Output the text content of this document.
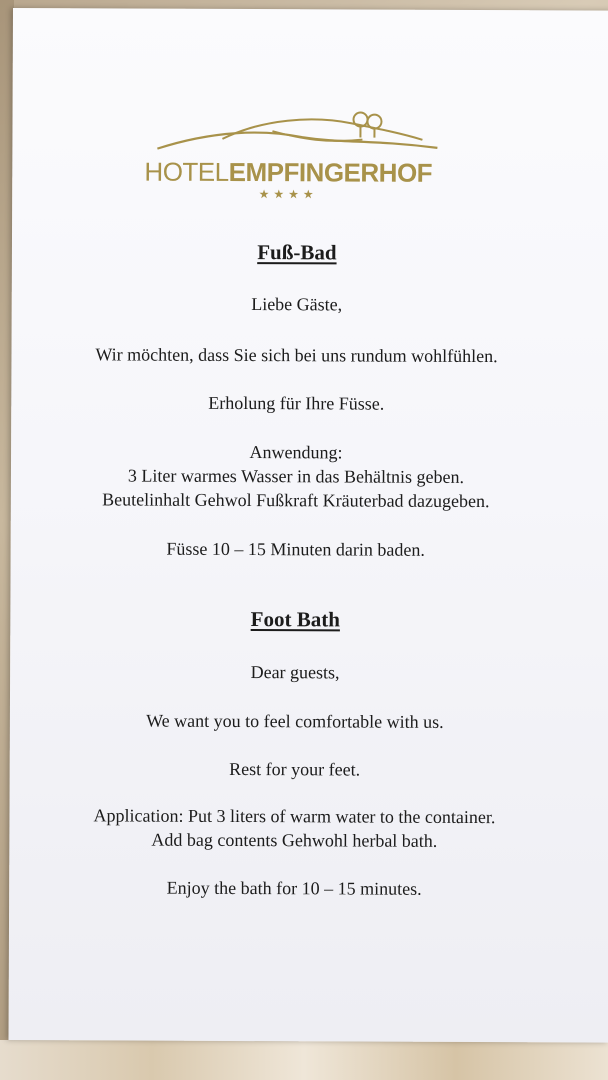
HOTELEMPFINGERHOF
★★★★
Fuß-Bad
Liebe Gäste,
Wir möchten, dass Sie sich bei uns rundum wohlfühlen.
Erholung für Ihre Füsse.
Anwendung:
3 Liter warmes Wasser in das Behältnis geben.
Beutelinhalt Gehwol Fußkraft Kräuterbad dazugeben.
Füsse 10 – 15 Minuten darin baden.
Foot Bath
Dear guests,
We want you to feel comfortable with us.
Rest for your feet.
Application: Put 3 liters of warm water to the container.
Add bag contents Gehwohl herbal bath.
Enjoy the bath for 10 – 15 minutes.
